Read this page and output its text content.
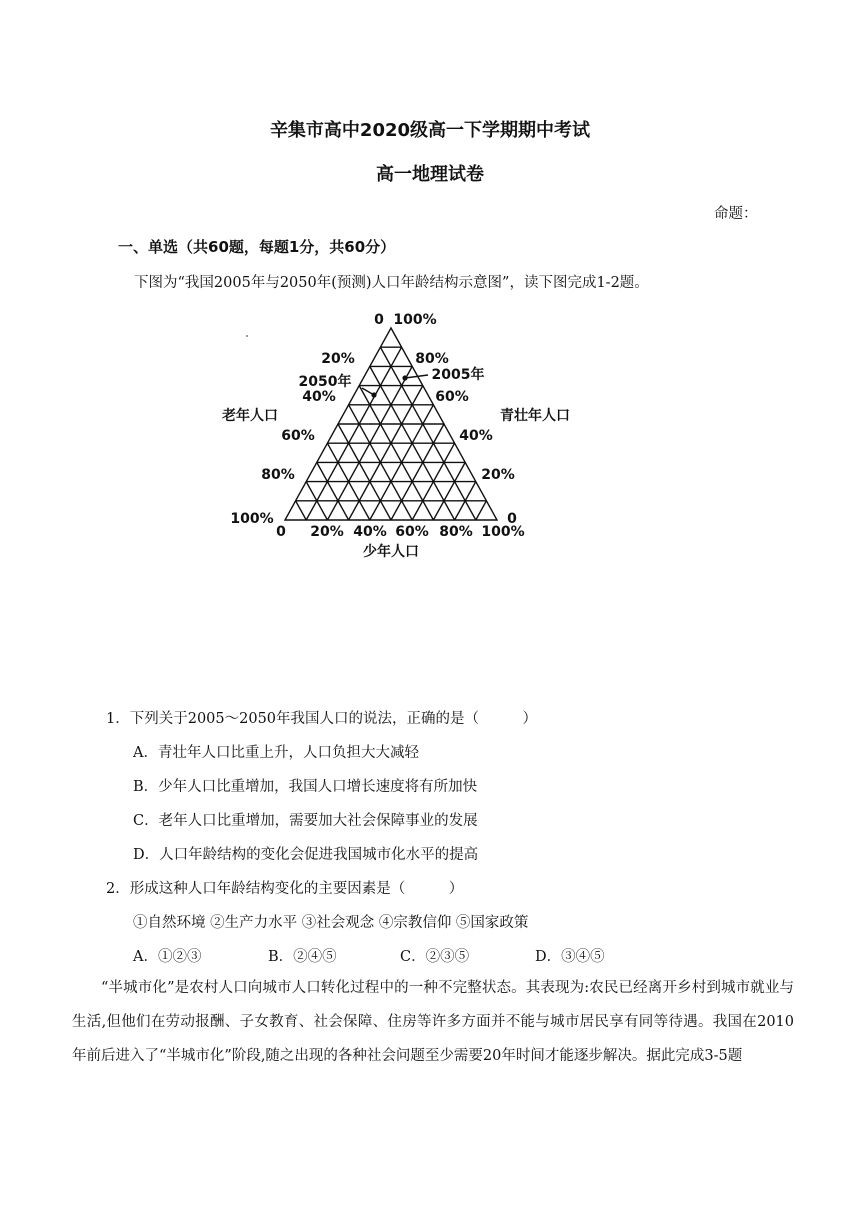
辛集市高中2020级高一下学期期中考试
高一地理试卷
命题：
一、单选（共60题，每题1分，共60分）
下图为“我国2005年与2050年(预测)人口年龄结构示意图”，读下图完成1-2题。
0 100%
20%
40%
60%
80%
100%
80%
60%
40%
20%
0
0 20% 40% 60% 80% 100%
老年人口	青壮年人口
少年人口
2050年	2005年
1．下列关于2005～2050年我国人口的说法，正确的是（　　　）
A．青壮年人口比重上升，人口负担大大减轻
B．少年人口比重增加，我国人口增长速度将有所加快
C．老年人口比重增加，需要加大社会保障事业的发展
D．人口年龄结构的变化会促进我国城市化水平的提高
2．形成这种人口年龄结构变化的主要因素是（　　　）
①自然环境 ②生产力水平 ③社会观念 ④宗教信仰 ⑤国家政策
A．①②③	B．②④⑤	C．②③⑤	D．③④⑤
“半城市化”是农村人口向城市人口转化过程中的一种不完整状态。其表现为:农民已经离开乡村到城市就业与生活,但他们在劳动报酬、子女教育、社会保障、住房等许多方面并不能与城市居民享有同等待遇。我国在2010年前后进入了“半城市化”阶段,随之出现的各种社会问题至少需要20年时间才能逐步解决。据此完成3-5题
